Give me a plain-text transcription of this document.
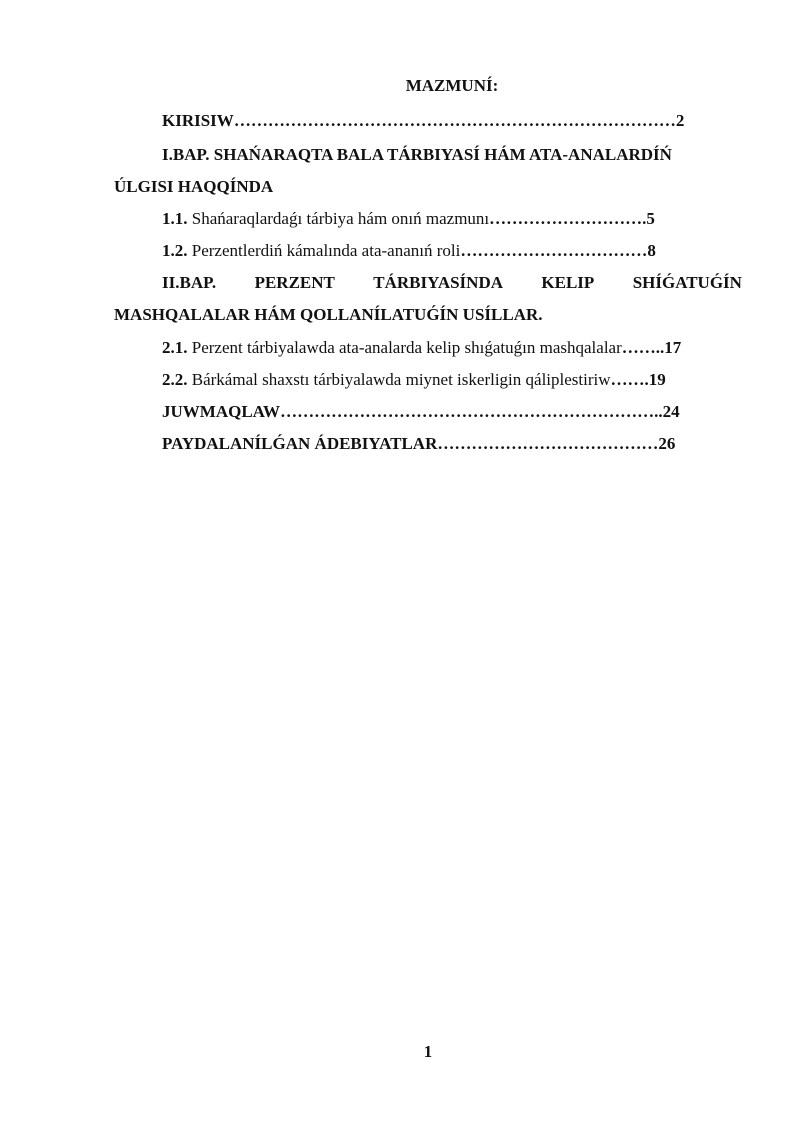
MAZMUNÍ:
KIRISIW……………………………………………………………………2
I.BAP. SHAŃARAQTA BALA TÁRBIYASÍ HÁM ATA-ANALARDÍŃ
ÚLGISI HAQQÍNDA
1.1. Shańaraqlardaǵı tárbiya hám onıń mazmunı……………………….5
1.2. Perzentlerdiń kámalında ata-ananıń roli……………………………8
II.BAP. PERZENT TÁRBIYASÍNDA KELIP SHÍǴATUǴÍN
MASHQALALAR HÁM QOLLANÍLATUǴÍN USÍLLAR.
2.1. Perzent tárbiyalawda ata-analarda kelip shıǵatuǵın mashqalalar……..17
2.2. Bárkámal shaxstı tárbiyalawda miynet iskerligin qáliplestiriw…….19
JUWMAQLAW…………………………………………………………..24
PAYDALANÍLǴAN ÁDEBIYATLAR…………………………………26
1
